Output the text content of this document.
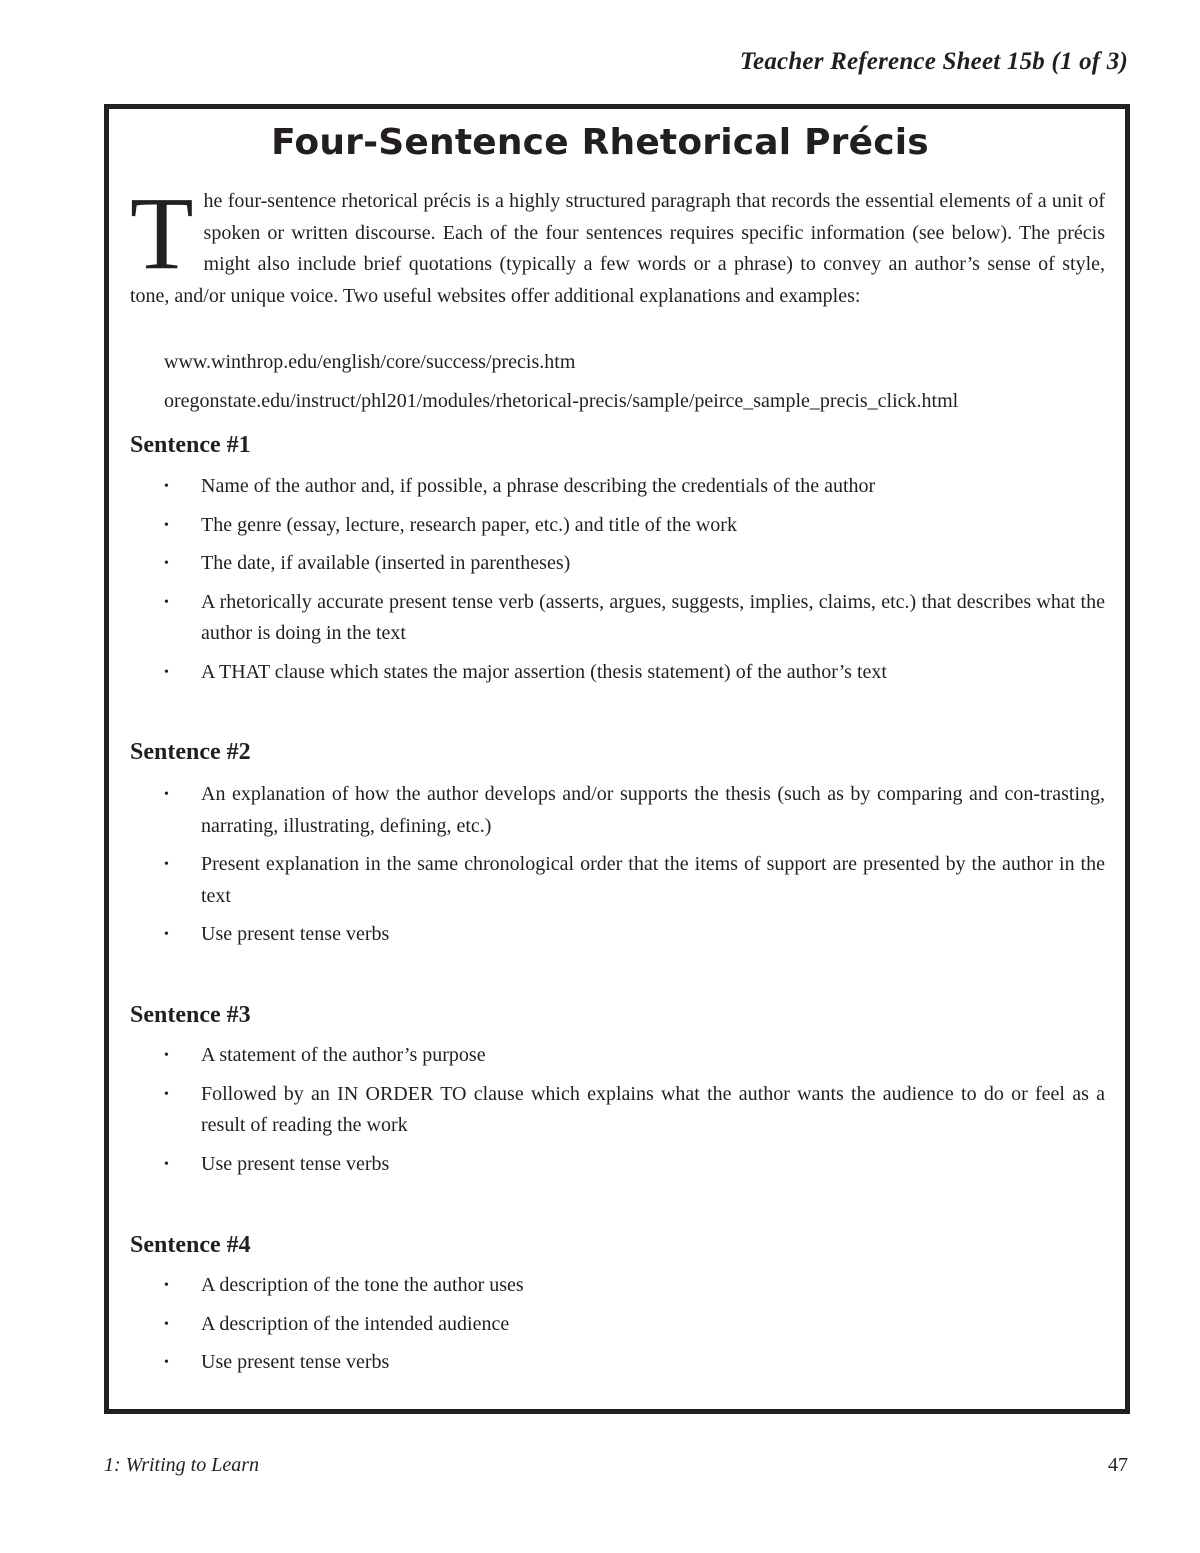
Teacher Reference Sheet 15b (1 of 3)
Four-Sentence Rhetorical Précis
The four-sentence rhetorical précis is a highly structured paragraph that records the essential elements of a unit of spoken or written discourse. Each of the four sentences requires specific information (see below). The précis might also include brief quotations (typically a few words or a phrase) to convey an author’s sense of style, tone, and/or unique voice. Two useful websites offer additional explanations and examples:
www.winthrop.edu/english/core/success/precis.htm
oregonstate.edu/instruct/phl201/modules/rhetorical-precis/sample/peirce_sample_precis_click.html
Sentence #1
• Name of the author and, if possible, a phrase describing the credentials of the author
• The genre (essay, lecture, research paper, etc.) and title of the work
• The date, if available (inserted in parentheses)
• A rhetorically accurate present tense verb (asserts, argues, suggests, implies, claims, etc.) that describes what the author is doing in the text
• A THAT clause which states the major assertion (thesis statement) of the author’s text
Sentence #2
• An explanation of how the author develops and/or supports the thesis (such as by comparing and con-trasting, narrating, illustrating, defining, etc.)
• Present explanation in the same chronological order that the items of support are presented by the author in the text
• Use present tense verbs
Sentence #3
• A statement of the author’s purpose
• Followed by an IN ORDER TO clause which explains what the author wants the audience to do or feel as a result of reading the work
• Use present tense verbs
Sentence #4
• A description of the tone the author uses
• A description of the intended audience
• Use present tense verbs
1: Writing to Learn	47
